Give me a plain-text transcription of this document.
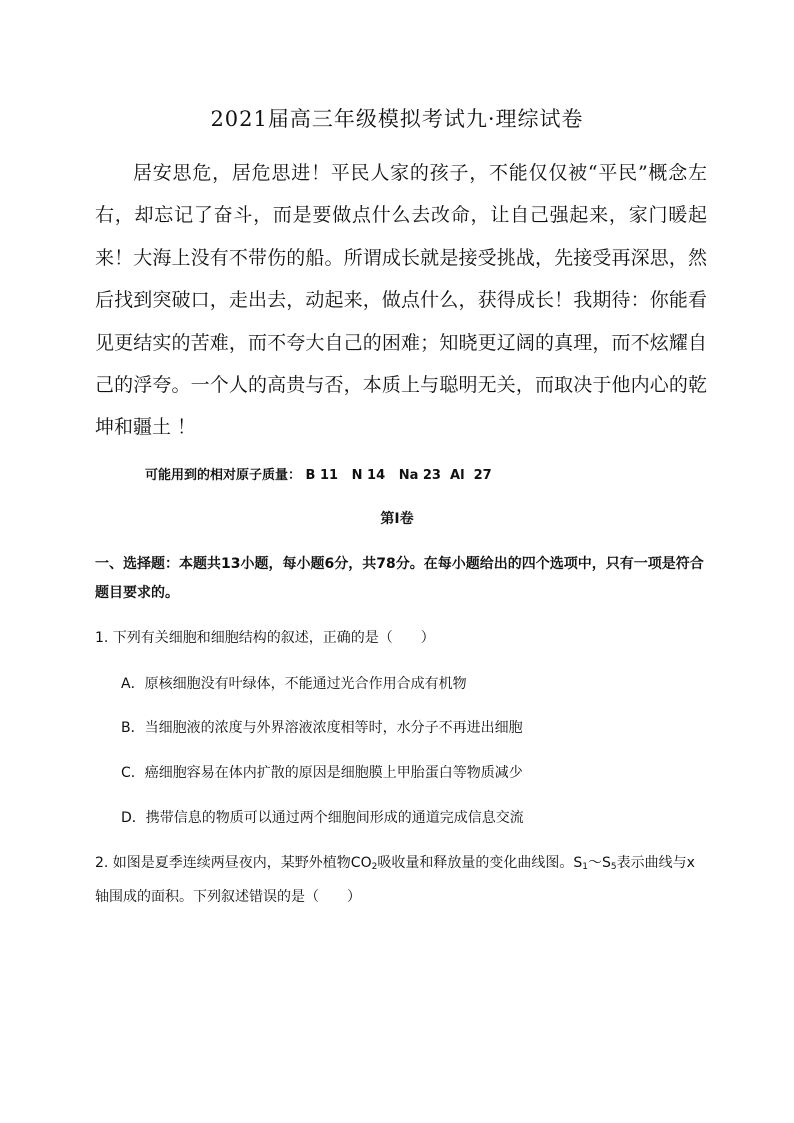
2021届高三年级模拟考试九·理综试卷

居安思危，居危思进！平民人家的孩子，不能仅仅被“平民”概念左右，却忘记了奋斗，而是要做点什么去改命，让自己强起来，家门暖起来！大海上没有不带伤的船。所谓成长就是接受挑战，先接受再深思，然后找到突破口，走出去，动起来，做点什么，获得成长！我期待：你能看见更结实的苦难，而不夸大自己的困难；知晓更辽阔的真理，而不炫耀自己的浮夸。一个人的高贵与否，本质上与聪明无关，而取决于他内心的乾坤和疆土 ！

可能用到的相对原子质量： B 11   N 14   Na 23  Al  27
第Ⅰ卷

一、选择题：本题共13小题，每小题6分，共78分。在每小题给出的四个选项中，只有一项是符合题目要求的。

1. 下列有关细胞和细胞结构的叙述，正确的是（　　）

A．原核细胞没有叶绿体，不能通过光合作用合成有机物
B．当细胞液的浓度与外界溶液浓度相等时，水分子不再进出细胞
C．癌细胞容易在体内扩散的原因是细胞膜上甲胎蛋白等物质减少
D．携带信息的物质可以通过两个细胞间形成的通道完成信息交流

2. 如图是夏季连续两昼夜内，某野外植物$CO_2$吸收量和释放量的变化曲线图。$S_1\sim S_5$表示曲线与x轴围成的面积。下列叙述错误的是（　　）
